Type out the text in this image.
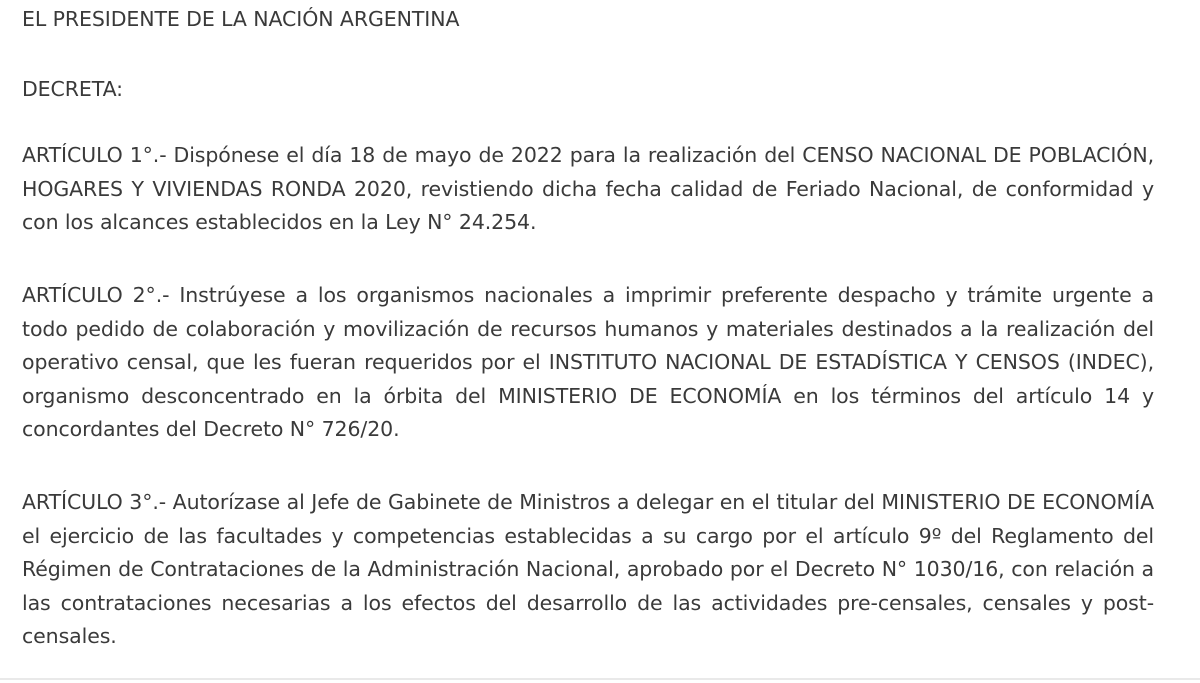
EL PRESIDENTE DE LA NACIÓN ARGENTINA
DECRETA:

ARTÍCULO 1°.- Dispónese el día 18 de mayo de 2022 para la realización del CENSO NACIONAL DE POBLACIÓN, HOGARES Y VIVIENDAS RONDA 2020, revistiendo dicha fecha calidad de Feriado Nacional, de conformidad y con los alcances establecidos en la Ley N° 24.254.

ARTÍCULO 2°.- Instrúyese a los organismos nacionales a imprimir preferente despacho y trámite urgente a todo pedido de colaboración y movilización de recursos humanos y materiales destinados a la realización del operativo censal, que les fueran requeridos por el INSTITUTO NACIONAL DE ESTADÍSTICA Y CENSOS (INDEC), organismo desconcentrado en la órbita del MINISTERIO DE ECONOMÍA en los términos del artículo 14 y concordantes del Decreto N° 726/20.

ARTÍCULO 3°.- Autorízase al Jefe de Gabinete de Ministros a delegar en el titular del MINISTERIO DE ECONOMÍA el ejercicio de las facultades y competencias establecidas a su cargo por el artículo 9º del Reglamento del Régimen de Contrataciones de la Administración Nacional, aprobado por el Decreto N° 1030/16, con relación a las contrataciones necesarias a los efectos del desarrollo de las actividades pre-censales, censales y post-censales.
